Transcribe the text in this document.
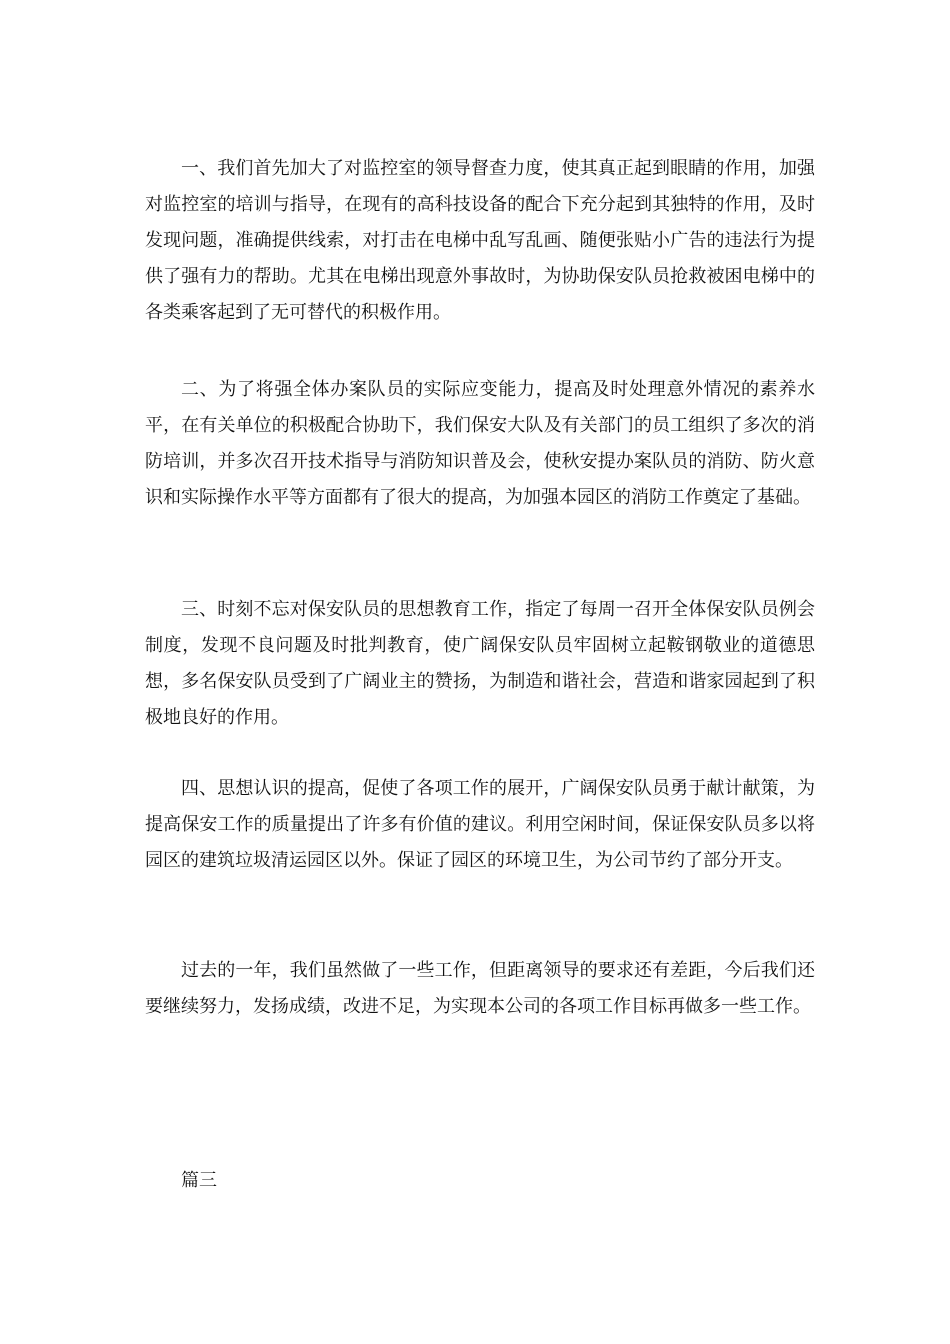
一、我们首先加大了对监控室的领导督查力度，使其真正起到眼睛的作用，加强对监控室的培训与指导，在现有的高科技设备的配合下充分起到其独特的作用，及时发现问题，准确提供线索，对打击在电梯中乱写乱画、随便张贴小广告的违法行为提供了强有力的帮助。尤其在电梯出现意外事故时，为协助保安队员抢救被困电梯中的各类乘客起到了无可替代的积极作用。

二、为了将强全体办案队员的实际应变能力，提高及时处理意外情况的素养水平，在有关单位的积极配合协助下，我们保安大队及有关部门的员工组织了多次的消防培训，并多次召开技术指导与消防知识普及会，使秋安提办案队员的消防、防火意识和实际操作水平等方面都有了很大的提高，为加强本园区的消防工作奠定了基础。

三、时刻不忘对保安队员的思想教育工作，指定了每周一召开全体保安队员例会制度，发现不良问题及时批判教育，使广阔保安队员牢固树立起鞍钢敬业的道德思想，多名保安队员受到了广阔业主的赞扬，为制造和谐社会，营造和谐家园起到了积极地良好的作用。

四、思想认识的提高，促使了各项工作的展开，广阔保安队员勇于献计献策，为提高保安工作的质量提出了许多有价值的建议。利用空闲时间，保证保安队员多以将园区的建筑垃圾清运园区以外。保证了园区的环境卫生，为公司节约了部分开支。

过去的一年，我们虽然做了一些工作，但距离领导的要求还有差距，今后我们还要继续努力，发扬成绩，改进不足，为实现本公司的各项工作目标再做多一些工作。

篇三
